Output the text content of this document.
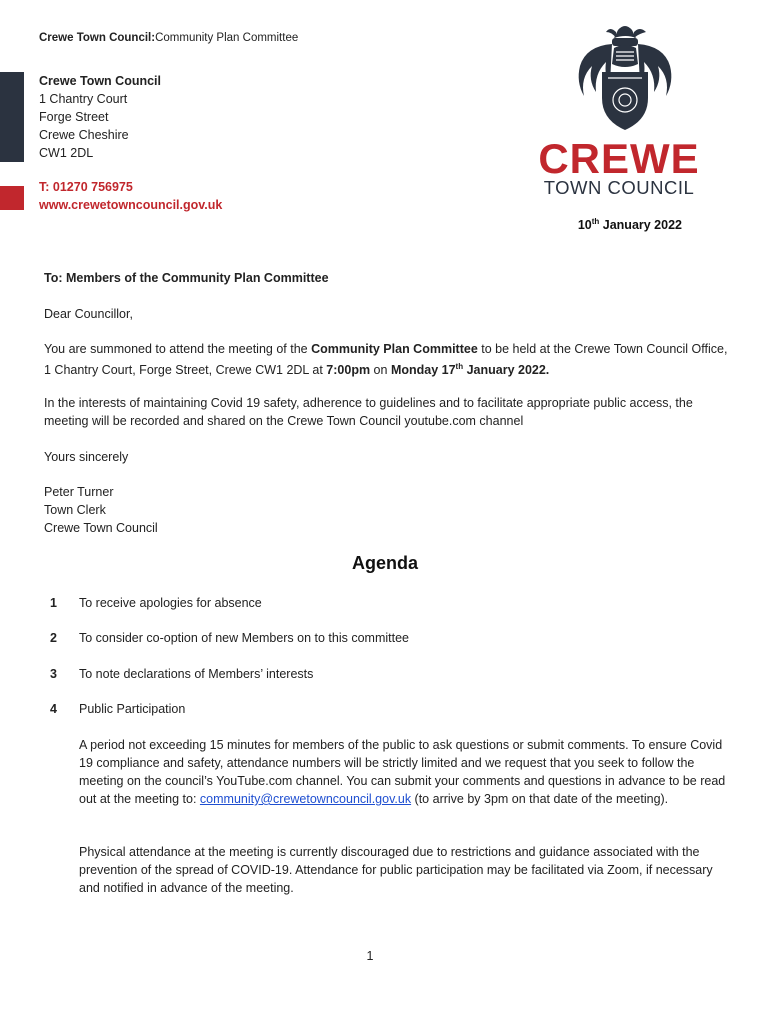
Crewe Town Council:Community Plan Committee
Crewe Town Council
1 Chantry Court
Forge Street
Crewe Cheshire
CW1 2DL
T: 01270 756975
www.crewetowncouncil.gov.uk
CREWE
TOWN COUNCIL
10th January 2022
To: Members of the Community Plan Committee
Dear Councillor,
You are summoned to attend the meeting of the Community Plan Committee to be held at the Crewe Town Council Office, 1 Chantry Court, Forge Street, Crewe CW1 2DL at 7:00pm on Monday 17th January 2022.
In the interests of maintaining Covid 19 safety, adherence to guidelines and to facilitate appropriate public access, the meeting will be recorded and shared on the Crewe Town Council youtube.com channel
Yours sincerely
Peter Turner
Town Clerk
Crewe Town Council
Agenda
1 To receive apologies for absence
2 To consider co-option of new Members on to this committee
3 To note declarations of Members’ interests
4 Public Participation
A period not exceeding 15 minutes for members of the public to ask questions or submit comments. To ensure Covid 19 compliance and safety, attendance numbers will be strictly limited and we request that you seek to follow the meeting on the council’s YouTube.com channel. You can submit your comments and questions in advance to be read out at the meeting to: community@crewetowncouncil.gov.uk (to arrive by 3pm on that date of the meeting).
Physical attendance at the meeting is currently discouraged due to restrictions and guidance associated with the prevention of the spread of COVID-19. Attendance for public participation may be facilitated via Zoom, if necessary and notified in advance of the meeting.
1
